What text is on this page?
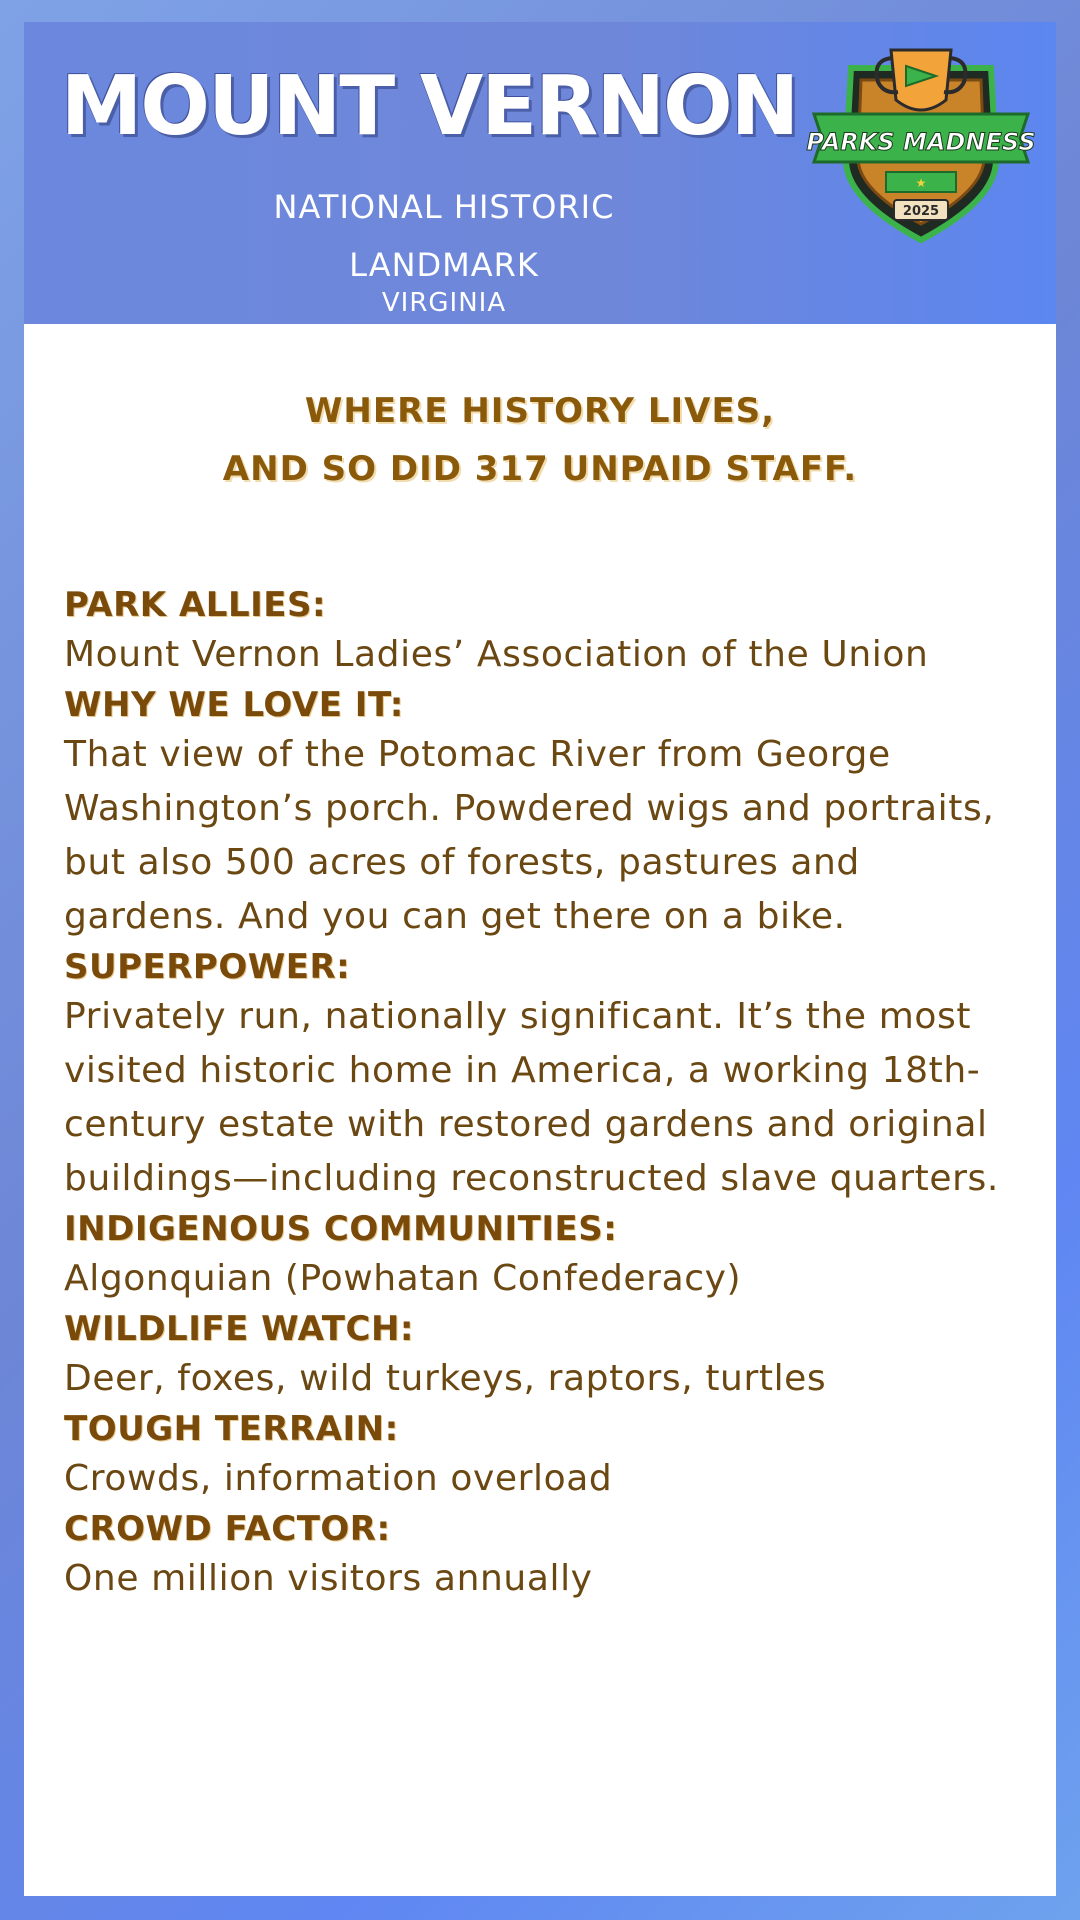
MOUNT VERNON
NATIONAL HISTORIC
LANDMARK
VIRGINIA
★
PARKS MADNESS
2025
WHERE HISTORY LIVES,
AND SO DID 317 UNPAID STAFF.
PARK ALLIES:
Mount Vernon Ladies’ Association of the Union
WHY WE LOVE IT:
That view of the Potomac River from George Washington’s porch. Powdered wigs and portraits, but also 500 acres of forests, pastures and gardens. And you can get there on a bike.
SUPERPOWER:
Privately run, nationally significant. It’s the most visited historic home in America, a working 18th-century estate with restored gardens and original buildings—including reconstructed slave quarters.
INDIGENOUS COMMUNITIES:
Algonquian (Powhatan Confederacy)
WILDLIFE WATCH:
Deer, foxes, wild turkeys, raptors, turtles
TOUGH TERRAIN:
Crowds, information overload
CROWD FACTOR:
One million visitors annually
